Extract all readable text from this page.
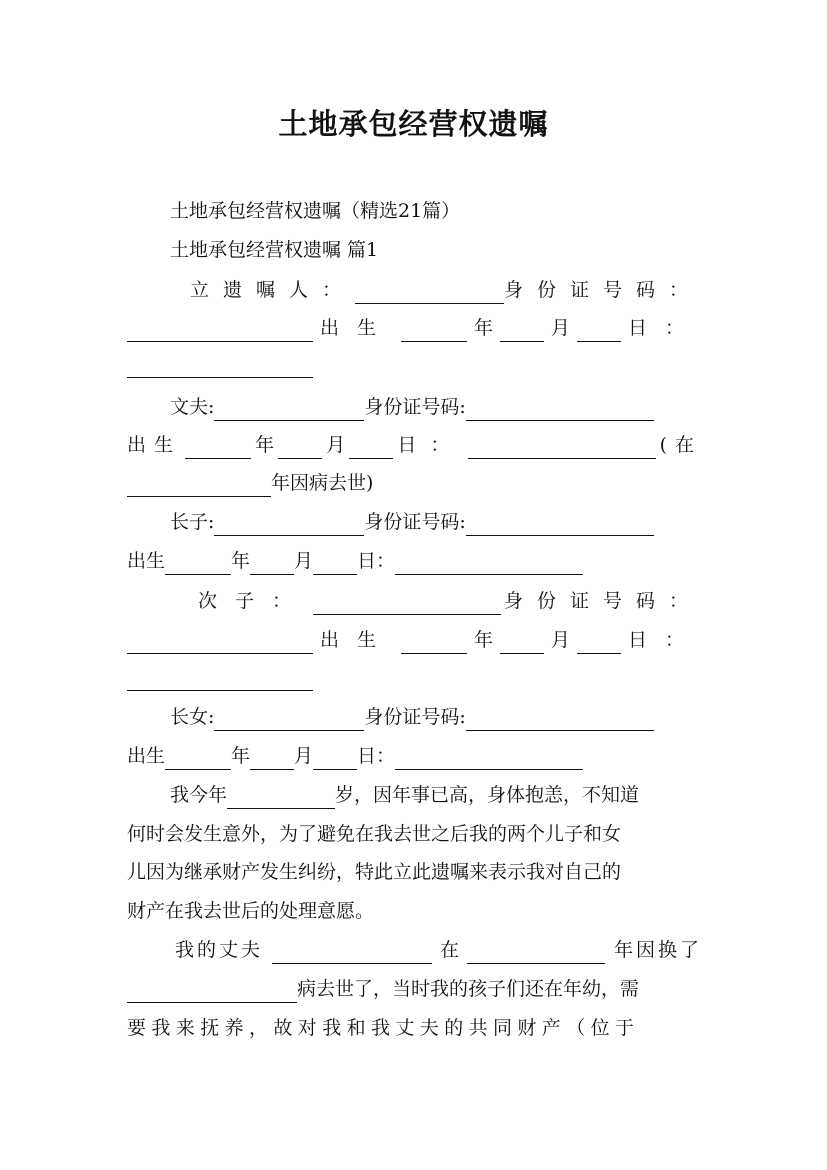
土地承包经营权遗嘱
土地承包经营权遗嘱（精选21篇）
土地承包经营权遗嘱 篇1
立遗嘱人：	身份证号码：
出生	年	月	日：
文夫:	身份证号码:
出生	年	月	日：	(在
年因病去世)
长子:	身份证号码:
出生	年 月 日：
次子：	身份证号码：
出生	年	月	日：
长女:	身份证号码:
出生	年 月 日：
我今年	岁，因年事已高，身体抱恙，不知道
何时会发生意外，为了避免在我去世之后我的两个儿子和女
儿因为继承财产发生纠纷，特此立此遗嘱来表示我对自己的
财产在我去世后的处理意愿。
我的丈夫	在	年因换了
病去世了，当时我的孩子们还在年幼，需
要我来抚养，故对我和我丈夫的共同财产（位于
